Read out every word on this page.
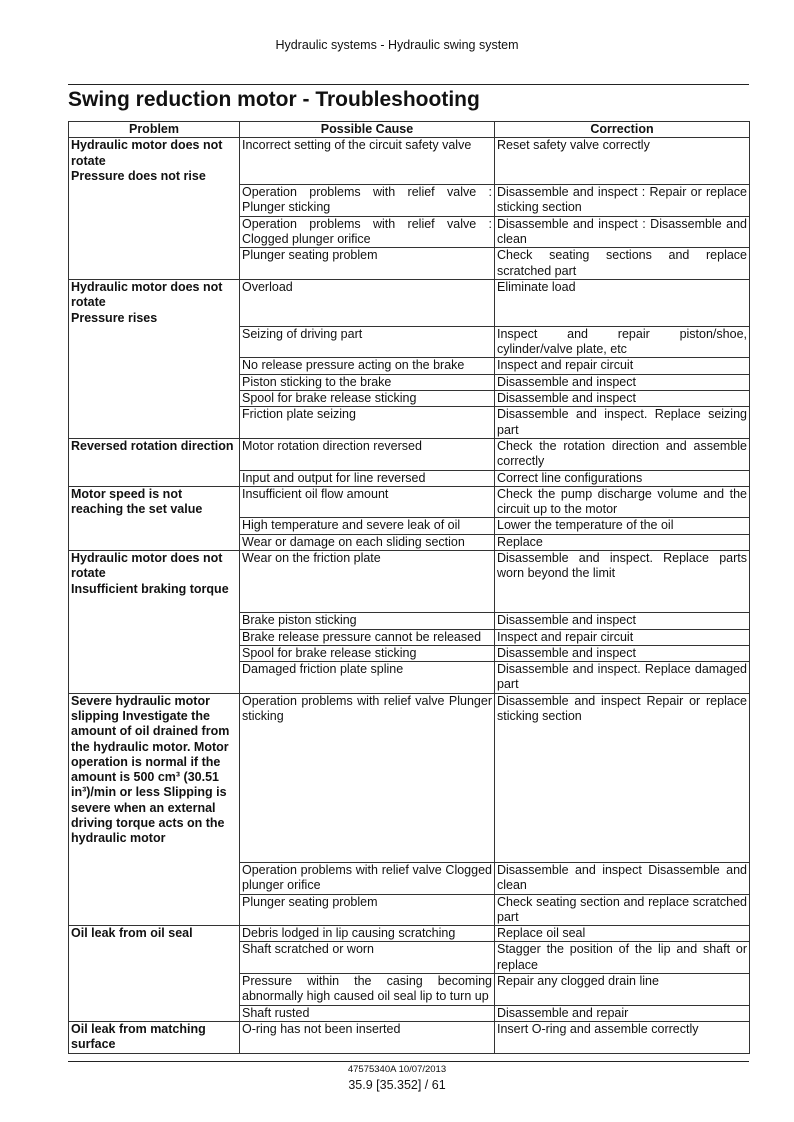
Hydraulic systems - Hydraulic swing system
Swing reduction motor - Troubleshooting
Problem	Possible Cause	Correction

Hydraulic motor does not rotate
Pressure does not rise	Incorrect setting of the circuit safety valve	Reset safety valve correctly
	Operation problems with relief valve : Plunger sticking	Disassemble and inspect : Repair or replace sticking section
	Operation problems with relief valve : Clogged plunger orifice	Disassemble and inspect : Disassemble and clean
	Plunger seating problem	Check seating sections and replace scratched part

Hydraulic motor does not rotate
Pressure rises	Overload	Eliminate load
	Seizing of driving part	Inspect and repair piston/shoe, cylinder/valve plate, etc
	No release pressure acting on the brake	Inspect and repair circuit
	Piston sticking to the brake	Disassemble and inspect
	Spool for brake release sticking	Disassemble and inspect
	Friction plate seizing	Disassemble and inspect. Replace seizing part

Reversed rotation direction	Motor rotation direction reversed	Check the rotation direction and assemble correctly
	Input and output for line reversed	Correct line configurations

Motor speed is not reaching the set value	Insufficient oil flow amount	Check the pump discharge volume and the circuit up to the motor
	High temperature and severe leak of oil	Lower the temperature of the oil
	Wear or damage on each sliding section	Replace

Hydraulic motor does not rotate
Insufficient braking torque	Wear on the friction plate	Disassemble and inspect. Replace parts worn beyond the limit
	Brake piston sticking	Disassemble and inspect
	Brake release pressure cannot be released	Inspect and repair circuit
	Spool for brake release sticking	Disassemble and inspect
	Damaged friction plate spline	Disassemble and inspect. Replace damaged part

Severe hydraulic motor slipping Investigate the amount of oil drained from the hydraulic motor. Motor operation is normal if the amount is 500 cm³ (30.51 in³)/min or less Slipping is severe when an external driving torque acts on the hydraulic motor	Operation problems with relief valve Plunger sticking	Disassemble and inspect Repair or replace sticking section
	Operation problems with relief valve Clogged plunger orifice	Disassemble and inspect Disassemble and clean
	Plunger seating problem	Check seating section and replace scratched part

Oil leak from oil seal	Debris lodged in lip causing scratching	Replace oil seal
	Shaft scratched or worn	Stagger the position of the lip and shaft or replace
	Pressure within the casing becoming abnormally high caused oil seal lip to turn up	Repair any clogged drain line
	Shaft rusted	Disassemble and repair

Oil leak from matching surface	O-ring has not been inserted	Insert O-ring and assemble correctly
47575340A 10/07/2013
35.9 [35.352] / 61
